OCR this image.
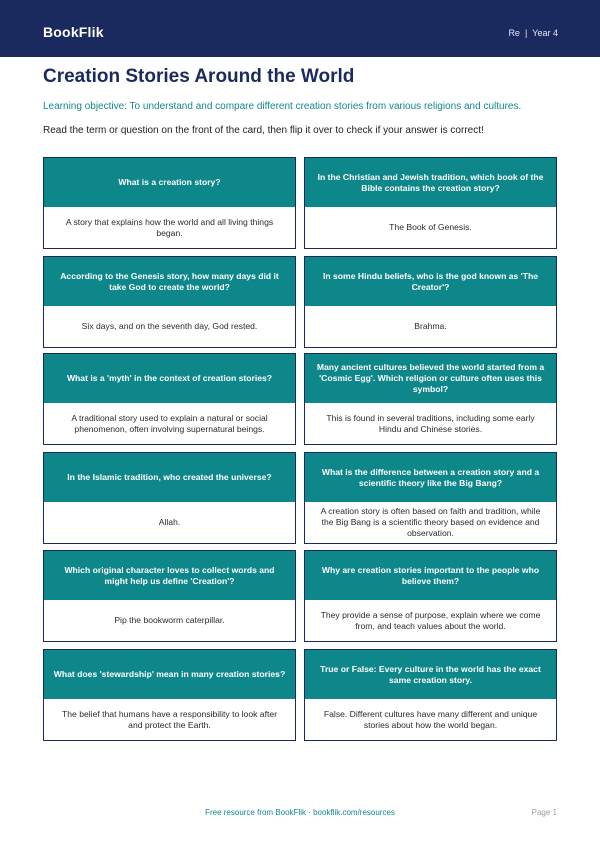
BookFlik	Re | Year 4
Creation Stories Around the World
Learning objective: To understand and compare different creation stories from various religions and cultures.
Read the term or question on the front of the card, then flip it over to check if your answer is correct!
What is a creation story?
A story that explains how the world and all living things began.
In the Christian and Jewish tradition, which book of the Bible contains the creation story?
The Book of Genesis.
According to the Genesis story, how many days did it take God to create the world?
Six days, and on the seventh day, God rested.
In some Hindu beliefs, who is the god known as 'The Creator'?
Brahma.
What is a 'myth' in the context of creation stories?
A traditional story used to explain a natural or social phenomenon, often involving supernatural beings.
Many ancient cultures believed the world started from a 'Cosmic Egg'. Which religion or culture often uses this symbol?
This is found in several traditions, including some early Hindu and Chinese stories.
In the Islamic tradition, who created the universe?
Allah.
What is the difference between a creation story and a scientific theory like the Big Bang?
A creation story is often based on faith and tradition, while the Big Bang is a scientific theory based on evidence and observation.
Which original character loves to collect words and might help us define 'Creation'?
Pip the bookworm caterpillar.
Why are creation stories important to the people who believe them?
They provide a sense of purpose, explain where we come from, and teach values about the world.
What does 'stewardship' mean in many creation stories?
The belief that humans have a responsibility to look after and protect the Earth.
True or False: Every culture in the world has the exact same creation story.
False. Different cultures have many different and unique stories about how the world began.
Free resource from BookFlik · bookflik.com/resources	Page 1
